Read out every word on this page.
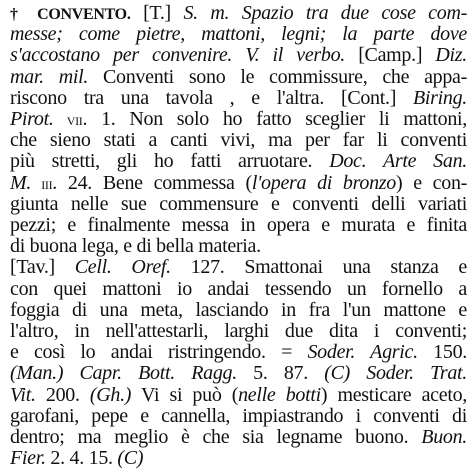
† CONVENTO. [T.] S. m. Spazio tra due cose com-
messe; come pietre, mattoni, legni; la parte dove
s'accostano per convenire. V. il verbo. [Camp.] Diz.
mar. mil. Conventi sono le commissure, che appa-
riscono tra una tavola , e l'altra. [Cont.] Biring.
Pirot. vii. 1. Non solo ho fatto sceglier li mattoni,
che sieno stati a canti vivi, ma per far li conventi
più stretti, gli ho fatti arruotare. Doc. Arte San.
M. iii. 24. Bene commessa (l'opera di bronzo) e con-
giunta nelle sue commensure e conventi delli variati
pezzi; e finalmente messa in opera e murata e finita
di buona lega, e di bella materia.
[Tav.] Cell. Oref. 127. Smattonai una stanza e
con quei mattoni io andai tessendo un fornello a
foggia di una meta, lasciando in fra l'un mattone e
l'altro, in nell'attestarli, larghi due dita i conventi;
e così lo andai ristringendo. = Soder. Agric. 150.
(Man.) Capr. Bott. Ragg. 5. 87. (C) Soder. Trat.
Vit. 200. (Gh.) Vi si può (nelle botti) mesticare aceto,
garofani, pepe e cannella, impiastrando i conventi di
dentro; ma meglio è che sia legname buono. Buon.
Fier. 2. 4. 15. (C)
